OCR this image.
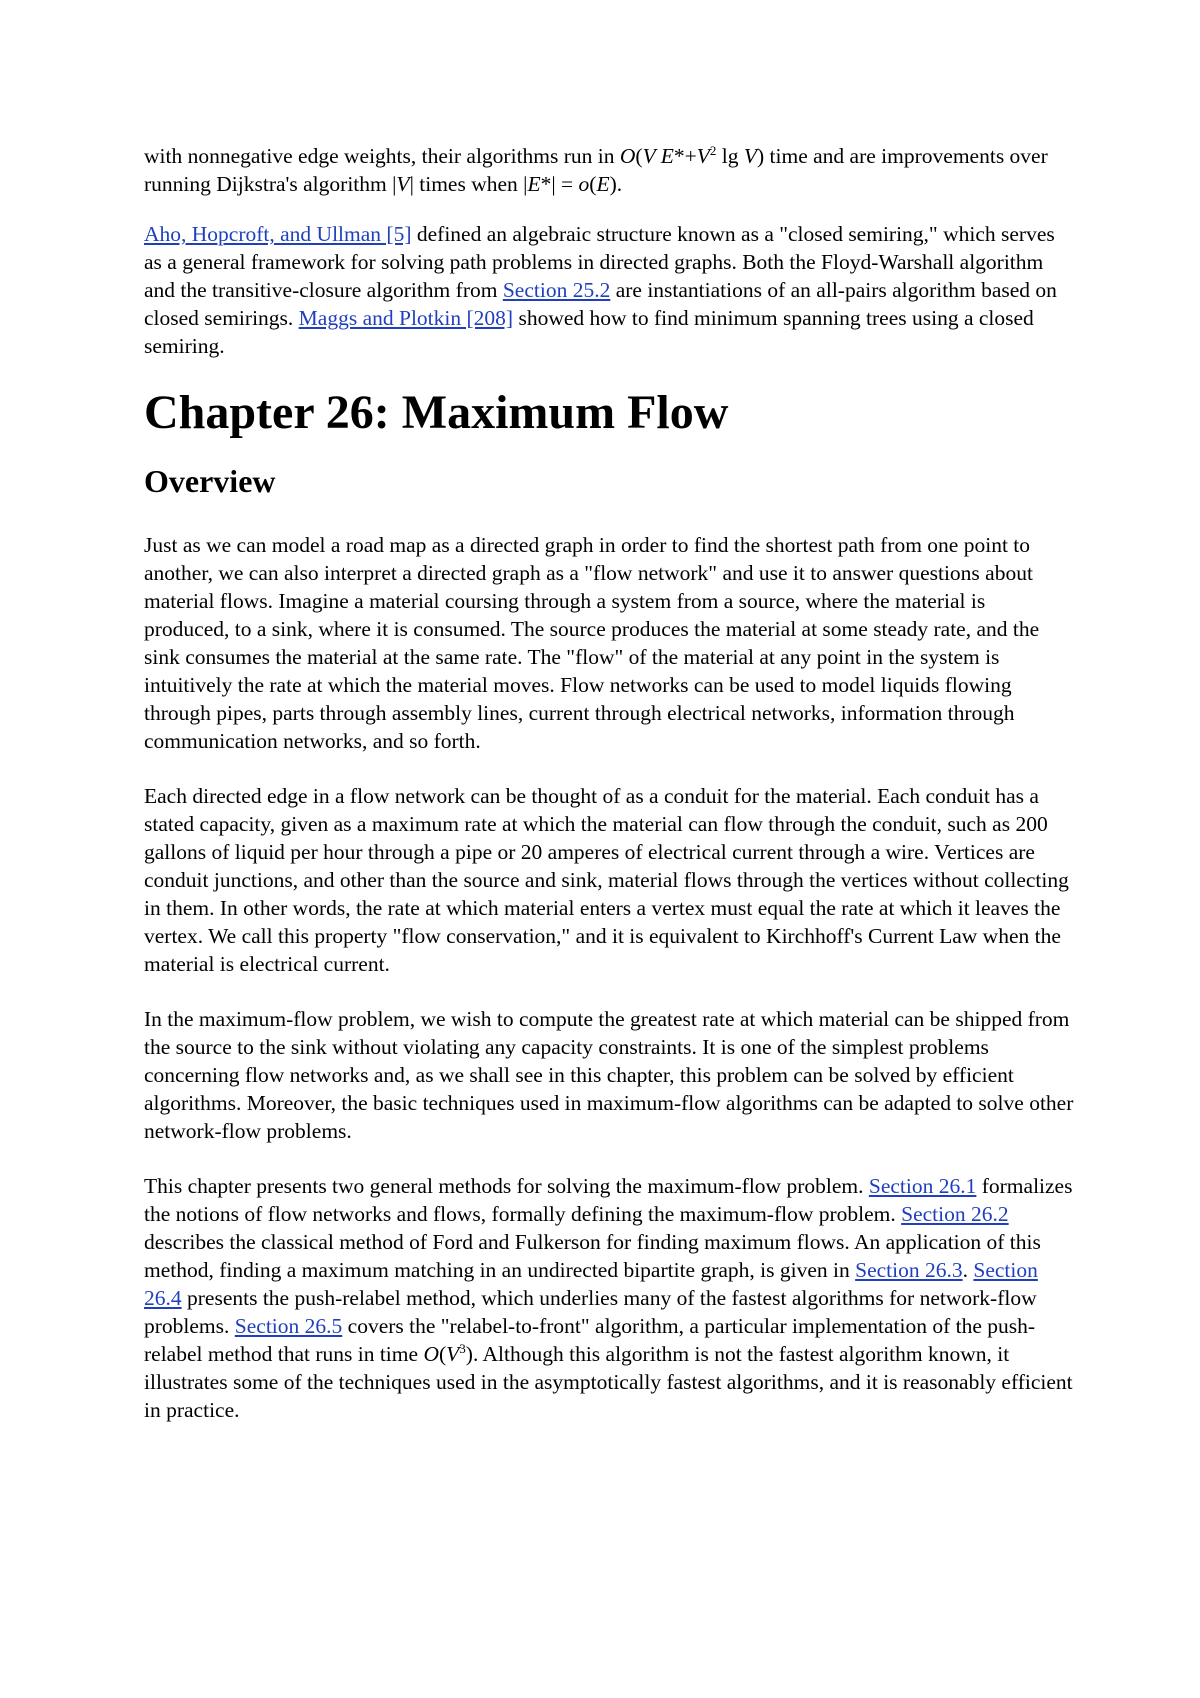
with nonnegative edge weights, their algorithms run in O(V $E*+V^2$ lg V) time and are improvements over running Dijkstra's algorithm |V| times when |E*| = o(E).

Aho, Hopcroft, and Ullman [5] defined an algebraic structure known as a "closed semiring," which serves as a general framework for solving path problems in directed graphs. Both the Floyd-Warshall algorithm and the transitive-closure algorithm from Section 25.2 are instantiations of an all-pairs algorithm based on closed semirings. Maggs and Plotkin [208] showed how to find minimum spanning trees using a closed semiring.

Chapter 26: Maximum Flow
Overview

Just as we can model a road map as a directed graph in order to find the shortest path from one point to another, we can also interpret a directed graph as a "flow network" and use it to answer questions about material flows. Imagine a material coursing through a system from a source, where the material is produced, to a sink, where it is consumed. The source produces the material at some steady rate, and the sink consumes the material at the same rate. The "flow" of the material at any point in the system is intuitively the rate at which the material moves. Flow networks can be used to model liquids flowing through pipes, parts through assembly lines, current through electrical networks, information through communication networks, and so forth.

Each directed edge in a flow network can be thought of as a conduit for the material. Each conduit has a stated capacity, given as a maximum rate at which the material can flow through the conduit, such as 200 gallons of liquid per hour through a pipe or 20 amperes of electrical current through a wire. Vertices are conduit junctions, and other than the source and sink, material flows through the vertices without collecting in them. In other words, the rate at which material enters a vertex must equal the rate at which it leaves the vertex. We call this property "flow conservation," and it is equivalent to Kirchhoff's Current Law when the material is electrical current.

In the maximum-flow problem, we wish to compute the greatest rate at which material can be shipped from the source to the sink without violating any capacity constraints. It is one of the simplest problems concerning flow networks and, as we shall see in this chapter, this problem can be solved by efficient algorithms. Moreover, the basic techniques used in maximum-flow algorithms can be adapted to solve other network-flow problems.

This chapter presents two general methods for solving the maximum-flow problem. Section 26.1 formalizes the notions of flow networks and flows, formally defining the maximum-flow problem. Section 26.2 describes the classical method of Ford and Fulkerson for finding maximum flows. An application of this method, finding a maximum matching in an undirected bipartite graph, is given in Section 26.3. Section 26.4 presents the push-relabel method, which underlies many of the fastest algorithms for network-flow problems. Section 26.5 covers the "relabel-to-front" algorithm, a particular implementation of the push-relabel method that runs in time $O(V^3)$. Although this algorithm is not the fastest algorithm known, it illustrates some of the techniques used in the asymptotically fastest algorithms, and it is reasonably efficient in practice.
